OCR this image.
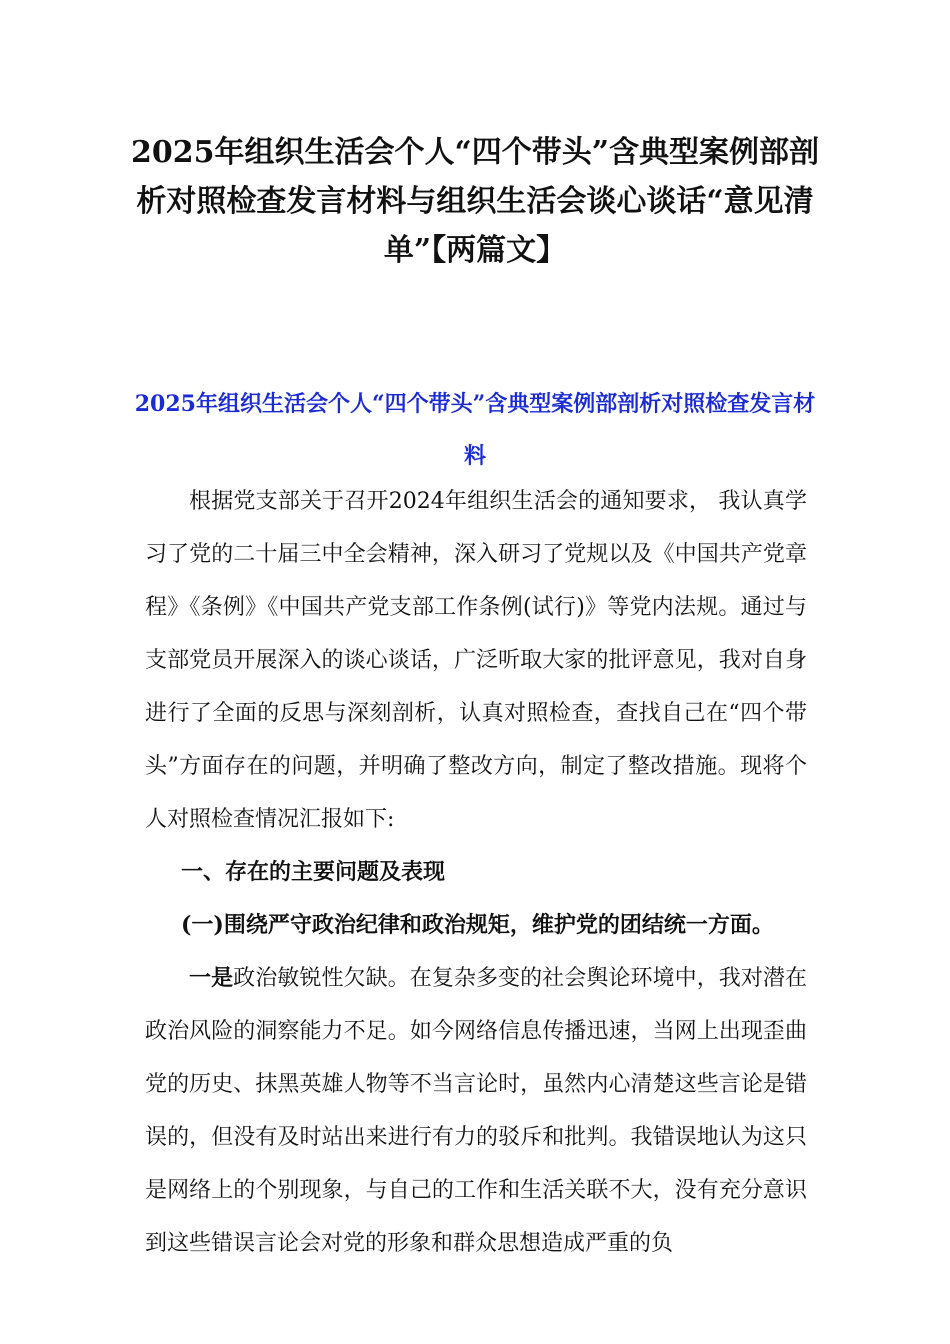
2025年组织生活会个人“四个带头”含典型案例部剖析对照检查发言材料与组织生活会谈心谈话“意见清单”【两篇文】
2025年组织生活会个人“四个带头”含典型案例部剖析对照检查发言材料

根据党支部关于召开2024年组织生活会的通知要求， 我认真学习了党的二十届三中全会精神，深入研习了党规以及《中国共产党章程》《条例》《中国共产党支部工作条例(试行)》等党内法规。通过与支部党员开展深入的谈心谈话，广泛听取大家的批评意见，我对自身进行了全面的反思与深刻剖析，认真对照检查，查找自己在“四个带头”方面存在的问题，并明确了整改方向，制定了整改措施。现将个人对照检查情况汇报如下:

一、存在的主要问题及表现

(一)围绕严守政治纪律和政治规矩，维护党的团结统一方面。

一是政治敏锐性欠缺。在复杂多变的社会舆论环境中，我对潜在政治风险的洞察能力不足。如今网络信息传播迅速，当网上出现歪曲党的历史、抹黑英雄人物等不当言论时，虽然内心清楚这些言论是错误的，但没有及时站出来进行有力的驳斥和批判。我错误地认为这只是网络上的个别现象，与自己的工作和生活关联不大，没有充分意识到这些错误言论会对党的形象和群众思想造成严重的负
